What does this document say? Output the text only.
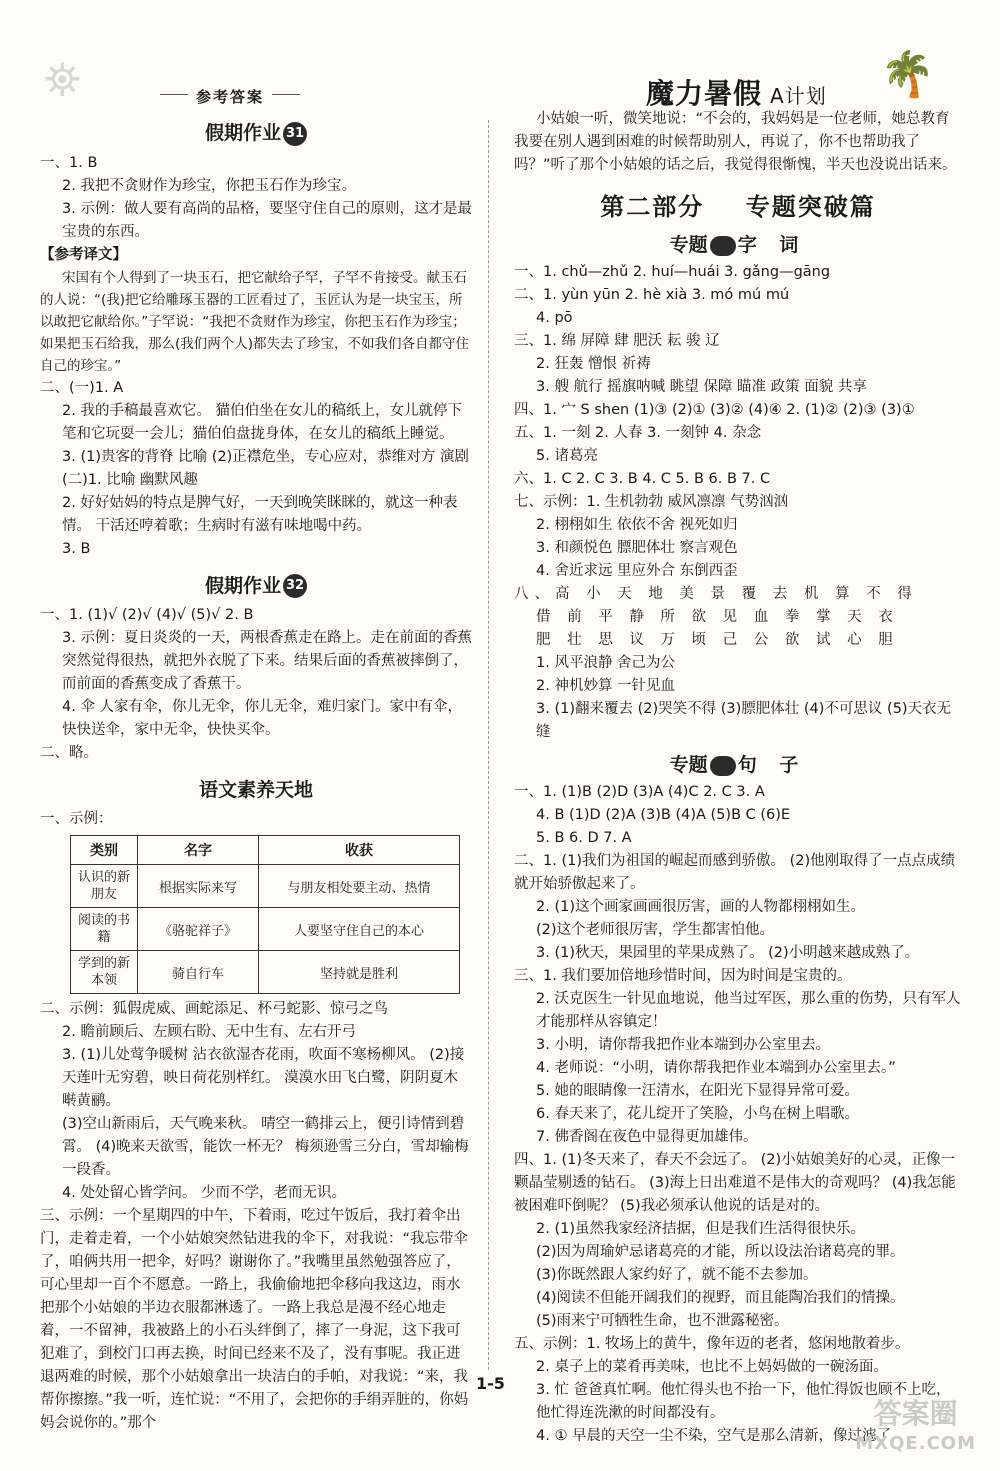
⛯	🌴
参考答案	魔力暑假 A计划
假期作业 31

一、1. B

2. 我把不贪财作为珍宝，你把玉石作为珍宝。

3. 示例：做人要有高尚的品格，要坚守住自己的原则，这才是最宝贵的东西。

【参考译文】

宋国有个人得到了一块玉石，把它献给子罕，子罕不肯接受。献玉石的人说：“(我)把它给雕琢玉器的工匠看过了，玉匠认为是一块宝玉，所以敢把它献给你。”子罕说：“我把不贪财作为珍宝，你把玉石作为珍宝；如果把玉石给我，那么(我们两个人)都失去了珍宝，不如我们各自都守住自己的珍宝。”

二、(一)1. A

2. 我的手稿最喜欢它。 猫伯伯坐在女儿的稿纸上，女儿就停下笔和它玩耍一会儿；猫伯伯盘拢身体，在女儿的稿纸上睡觉。

3. (1)贵客的背脊 比喻 (2)正襟危坐，专心应对，恭维对方 演剧

(二)1. 比喻 幽默风趣

2. 好好姑妈的特点是脾气好，一天到晚笑眯眯的，就这一种表情。 干活还哼着歌；生病时有滋有味地喝中药。

3. B

假期作业 32

一、1. (1)√ (2)√ (4)√ (5)√ 2. B

3. 示例：夏日炎炎的一天，两根香蕉走在路上。走在前面的香蕉突然觉得很热，就把外衣脱了下来。结果后面的香蕉被摔倒了，而前面的香蕉变成了香蕉干。

4. 伞 人家有伞，你儿无伞，你儿无伞，难归家门。家中有伞，快快送伞，家中无伞，快快买伞。

二、略。

语文素养天地

一、示例：

类别	名字	收获
认识的新朋友	根据实际来写	与朋友相处要主动、热情
阅读的书籍	《骆驼祥子》	人要坚守住自己的本心
学到的新本领	骑自行车	坚持就是胜利

二、示例：狐假虎威、画蛇添足、杯弓蛇影、惊弓之鸟

2. 瞻前顾后、左顾右盼、无中生有、左右开弓

3. (1)儿处莺争暖树 沾衣欲湿杏花雨，吹面不寒杨柳风。 (2)接天莲叶无穷碧，映日荷花别样红。 漠漠水田飞白鹭，阴阴夏木啭黄鹂。

(3)空山新雨后，天气晚来秋。 晴空一鹤排云上，便引诗情到碧霄。 (4)晚来天欲雪，能饮一杯无？ 梅须逊雪三分白，雪却输梅一段香。

4. 处处留心皆学问。 少而不学，老而无识。

三、示例：一个星期四的中午，下着雨，吃过午饭后，我打着伞出门，走着走着，一个小姑娘突然钻进我的伞下，对我说：“我忘带伞了，咱俩共用一把伞，好吗？谢谢你了。”我嘴里虽然勉强答应了，可心里却一百个不愿意。一路上，我偷偷地把伞移向我这边，雨水把那个小姑娘的半边衣服都淋透了。一路上我总是漫不经心地走着，一不留神，我被路上的小石头绊倒了，摔了一身泥，这下我可犯难了，到校门口再去换，时间已经来不及了，没有事呢。我正进退两难的时候，那个小姑娘拿出一块洁白的手帕，对我说：“来，我帮你擦擦。”我一听，连忙说：“不用了，会把你的手绢弄脏的，你妈妈会说你的。”那个

小姑娘一听，微笑地说：“不会的，我妈妈是一位老师，她总教育我要在别人遇到困难的时候帮助别人，再说了，你不也帮助我了吗？”听了那个小姑娘的话之后，我觉得很惭愧，半天也没说出话来。

第二部分    专题突破篇
专题 字 词

一、1. chǔ—zhǔ 2. huí—huái 3. gǎng—gāng

二、1. yùn yūn 2. hè xià 3. mó mú mú

4. pō

三、1. 绵 屏障 肆 肥沃 耘 骏 辽

2. 狂轰 憎恨 祈祷

3. 艘 航行 摇旗呐喊 眺望 保障 瞄准 政策 面貌 共享

四、1. 宀 S shen (1)③ (2)① (3)② (4)④ 2. (1)② (2)③ (3)①

五、1. 一刻 2. 人春 3. 一刻钟 4. 杂念

5. 诸葛亮

六、1. C 2. C 3. B 4. C 5. B 6. B 7. C

七、示例：1. 生机勃勃 威风凛凛 气势汹汹

2. 栩栩如生 依依不舍 视死如归

3. 和颜悦色 膘肥体壮 察言观色

4. 舍近求远 里应外合 东倒西歪

八、高 小 天 地 美 景 覆 去 机 算 不 得

借 前 平 静 所 欲 见 血 拳 掌 天 衣

肥 壮 思 议 万 顷 己 公 欲 试 心 胆

1. 风平浪静 舍己为公

2. 神机妙算 一针见血

3. (1)翻来覆去 (2)哭笑不得 (3)膘肥体壮 (4)不可思议 (5)天衣无缝

专题 句 子

一、1. (1)B (2)D (3)A (4)C 2. C 3. A

4. B (1)D (2)A (3)B (4)A (5)B C (6)E

5. B 6. D 7. A

二、1. (1)我们为祖国的崛起而感到骄傲。 (2)他刚取得了一点点成绩就开始骄傲起来了。

2. (1)这个画家画画很厉害，画的人物都栩栩如生。

(2)这个老师很厉害，学生都害怕他。

3. (1)秋天，果园里的苹果成熟了。 (2)小明越来越成熟了。

三、1. 我们要加倍地珍惜时间，因为时间是宝贵的。

2. 沃克医生一针见血地说，他当过军医，那么重的伤势，只有军人才能那样从容镇定！

3. 小明，请你帮我把作业本端到办公室里去。

4. 老师说：“小明，请你帮我把作业本端到办公室里去。”

5. 她的眼睛像一汪清水，在阳光下显得异常可爱。

6. 春天来了，花儿绽开了笑脸，小鸟在树上唱歌。

7. 佛香阁在夜色中显得更加雄伟。

四、1. (1)冬天来了，春天不会远了。 (2)小姑娘美好的心灵，正像一颗晶莹剔透的钻石。 (3)海上日出难道不是伟大的奇观吗？ (4)我怎能被困难吓倒呢？ (5)我必须承认他说的话是对的。

2. (1)虽然我家经济拮据，但是我们生活得很快乐。

(2)因为周瑜妒忌诸葛亮的才能，所以设法治诸葛亮的罪。

(3)你既然跟人家约好了，就不能不去参加。

(4)阅读不但能开阔我们的视野，而且能陶冶我们的情操。

(5)雨来宁可牺牲生命，也不泄露秘密。

五、示例：1. 牧场上的黄牛，像年迈的老者，悠闲地散着步。

2. 桌子上的菜肴再美味，也比不上妈妈做的一碗汤面。

3. 忙 爸爸真忙啊。他忙得头也不抬一下，他忙得饭也顾不上吃，他忙得连洗漱的时间都没有。

4. ① 早晨的天空一尘不染，空气是那么清新，像过滤了

1-5
答案圈
MXQE.COM
